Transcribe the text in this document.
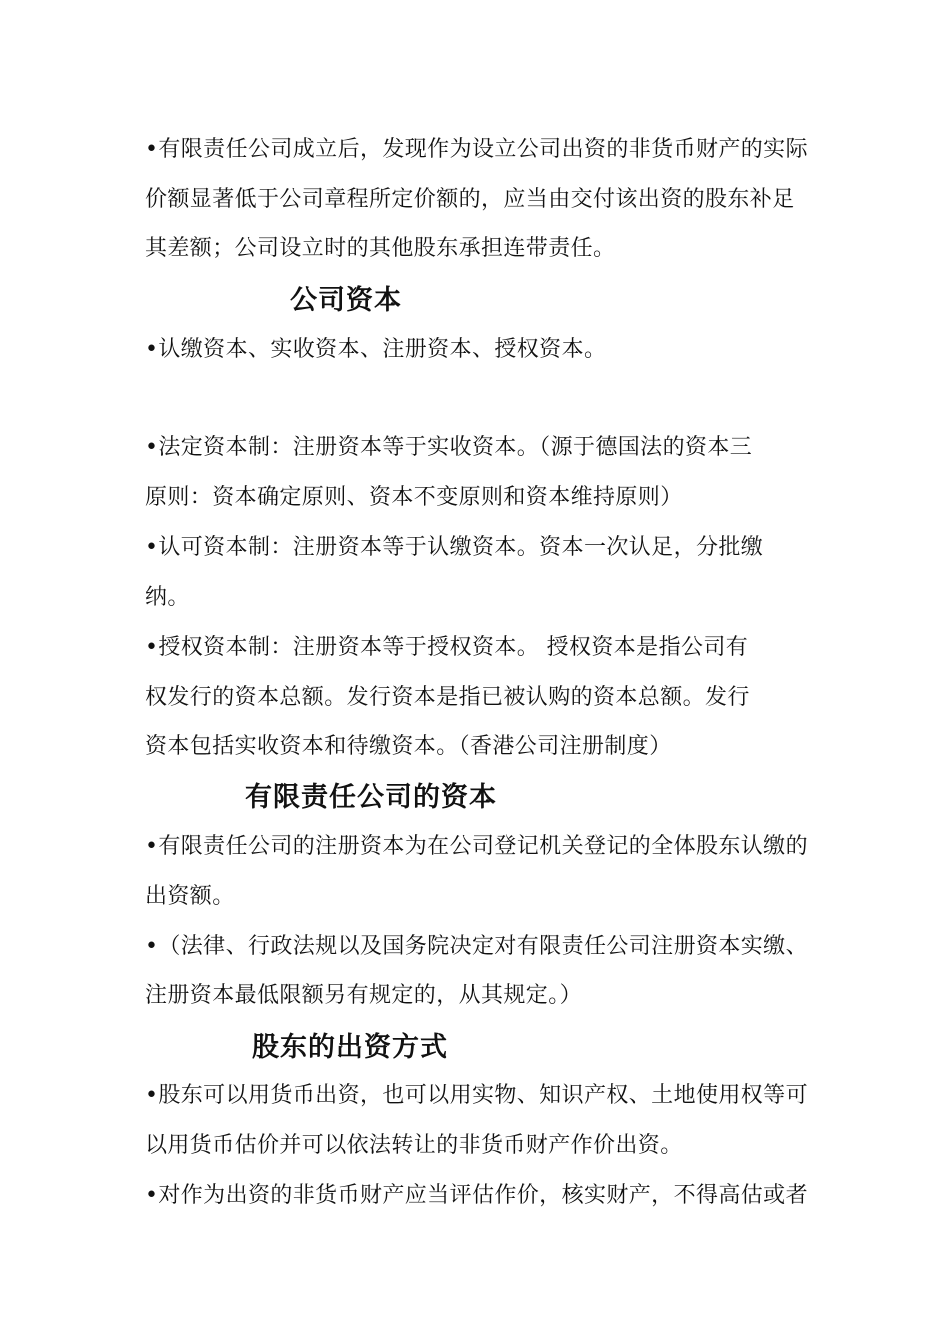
•有限责任公司成立后，发现作为设立公司出资的非货币财产的实际
价额显著低于公司章程所定价额的，应当由交付该出资的股东补足
其差额；公司设立时的其他股东承担连带责任。
公司资本
•认缴资本、实收资本、注册资本、授权资本。
•法定资本制：注册资本等于实收资本。（源于德国法的资本三
原则：资本确定原则、资本不变原则和资本维持原则）
•认可资本制：注册资本等于认缴资本。资本一次认足，分批缴
纳。
•授权资本制：注册资本等于授权资本。 授权资本是指公司有
权发行的资本总额。发行资本是指已被认购的资本总额。发行
资本包括实收资本和待缴资本。（香港公司注册制度）
有限责任公司的资本
•有限责任公司的注册资本为在公司登记机关登记的全体股东认缴的
出资额。
•（法律、行政法规以及国务院决定对有限责任公司注册资本实缴、
注册资本最低限额另有规定的，从其规定。）
股东的出资方式
•股东可以用货币出资，也可以用实物、知识产权、土地使用权等可
以用货币估价并可以依法转让的非货币财产作价出资。
•对作为出资的非货币财产应当评估作价，核实财产，不得高估或者
